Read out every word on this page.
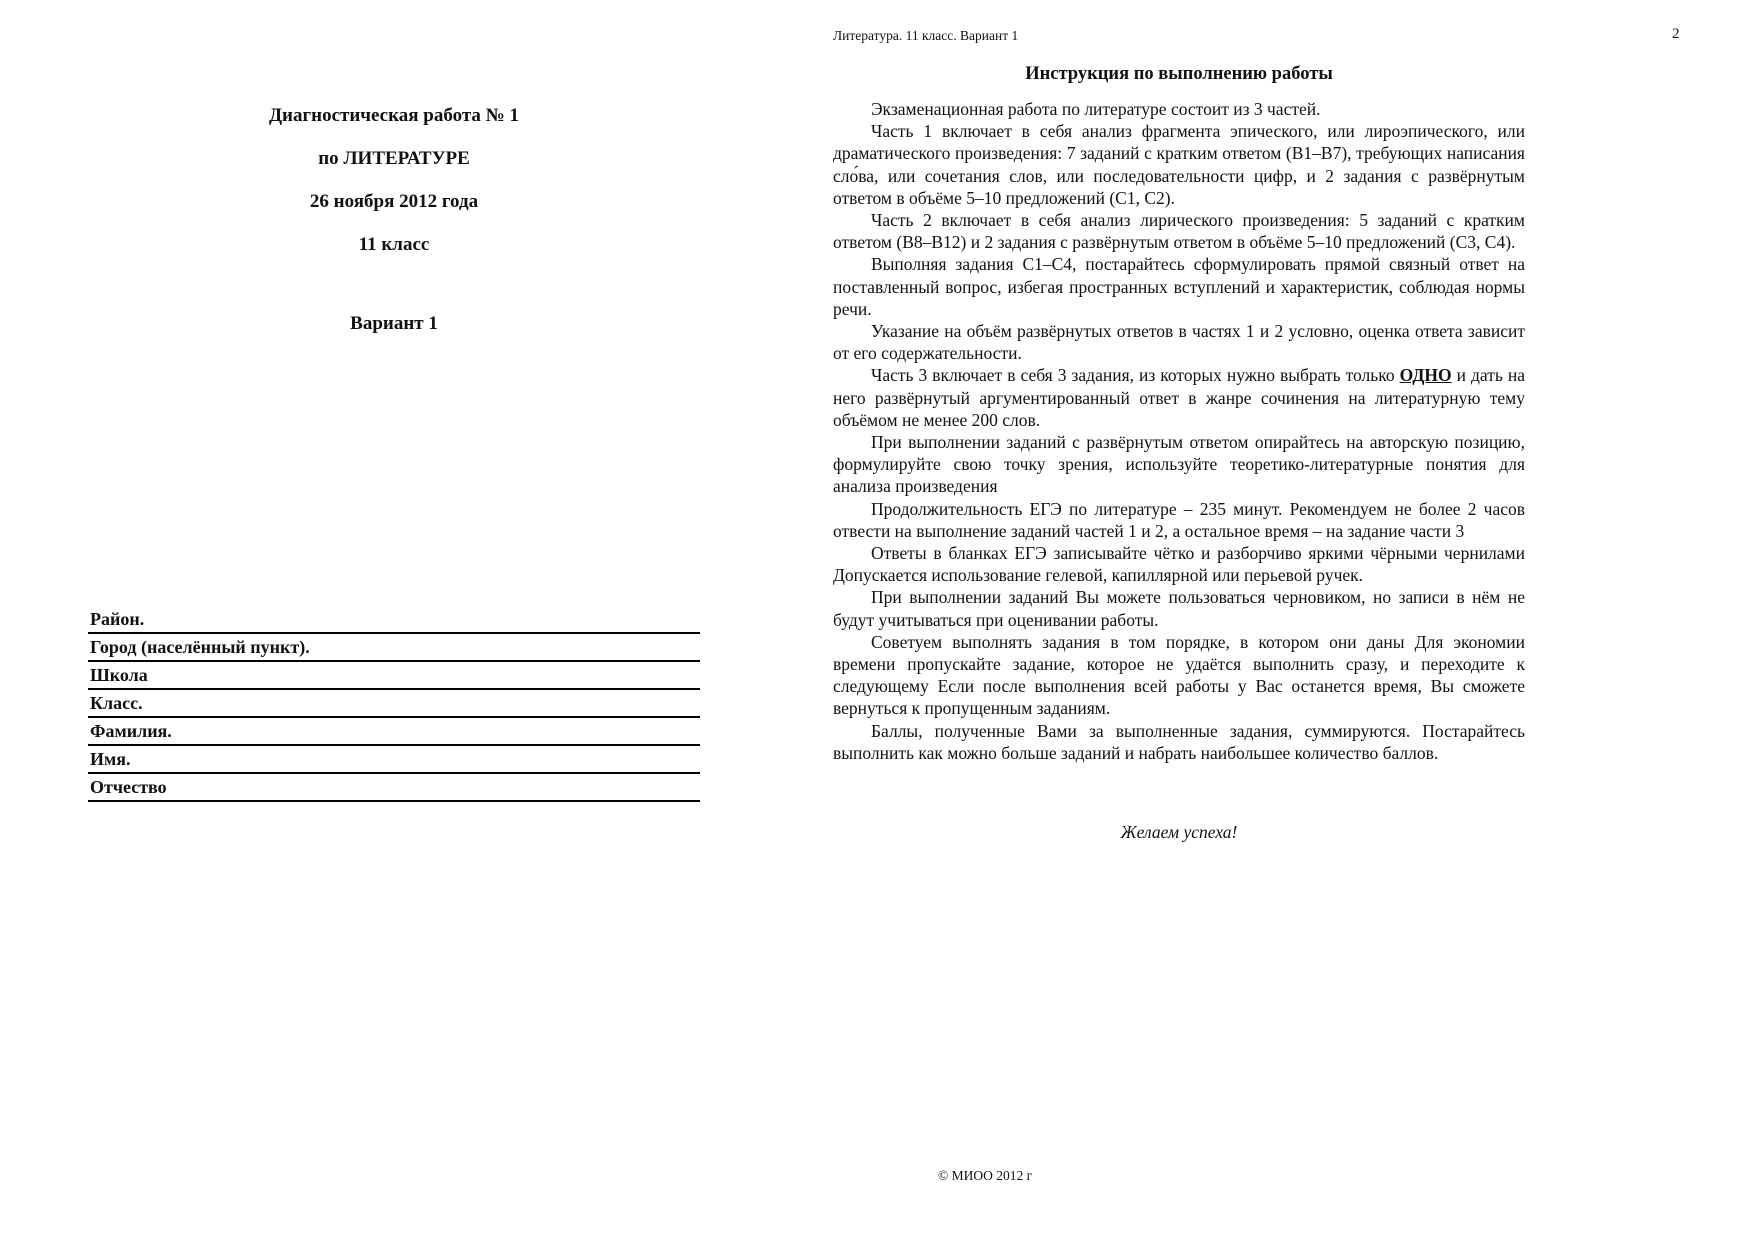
Диагностическая работа № 1
по ЛИТЕРАТУРЕ
26 ноября 2012 года
11 класс
Вариант 1
Район.
Город (населённый пункт).
Школа
Класс.
Фамилия.
Имя.
Отчество
Литература. 11 класс. Вариант 1	2
Инструкция по выполнению работы

Экзаменационная работа по литературе состоит из 3 частей.

Часть 1 включает в себя анализ фрагмента эпического, или лироэпического, или драматического произведения: 7 заданий с кратким ответом (В1–В7), требующих написания сло́ва, или сочетания слов, или последовательности цифр, и 2 задания с развёрнутым ответом в объёме 5–10 предложений (С1, С2).

Часть 2 включает в себя анализ лирического произведения: 5 заданий с кратким ответом (В8–В12) и 2 задания с развёрнутым ответом в объёме 5–10 предложений (С3, С4).

Выполняя задания С1–С4, постарайтесь сформулировать прямой связный ответ на поставленный вопрос, избегая пространных вступлений и характеристик, соблюдая нормы речи.

Указание на объём развёрнутых ответов в частях 1 и 2 условно, оценка ответа зависит от его содержательности.

Часть 3 включает в себя 3 задания, из которых нужно выбрать только ОДНО и дать на него развёрнутый аргументированный ответ в жанре сочинения на литературную тему объёмом не менее 200 слов.

При выполнении заданий с развёрнутым ответом опирайтесь на авторскую позицию, формулируйте свою точку зрения, используйте теоретико-литературные понятия для анализа произведения

Продолжительность ЕГЭ по литературе – 235 минут. Рекомендуем не более 2 часов отвести на выполнение заданий частей 1 и 2, а остальное время – на задание части 3

Ответы в бланках ЕГЭ записывайте чётко и разборчиво яркими чёрными чернилами Допускается использование гелевой, капиллярной или перьевой ручек.

При выполнении заданий Вы можете пользоваться черновиком, но записи в нём не будут учитываться при оценивании работы.

Советуем выполнять задания в том порядке, в котором они даны Для экономии времени пропускайте задание, которое не удаётся выполнить сразу, и переходите к следующему Если после выполнения всей работы у Вас останется время, Вы сможете вернуться к пропущенным заданиям.

Баллы, полученные Вами за выполненные задания, суммируются. Постарайтесь выполнить как можно больше заданий и набрать наибольшее количество баллов.

Желаем успеха!
© МИОО 2012 г
